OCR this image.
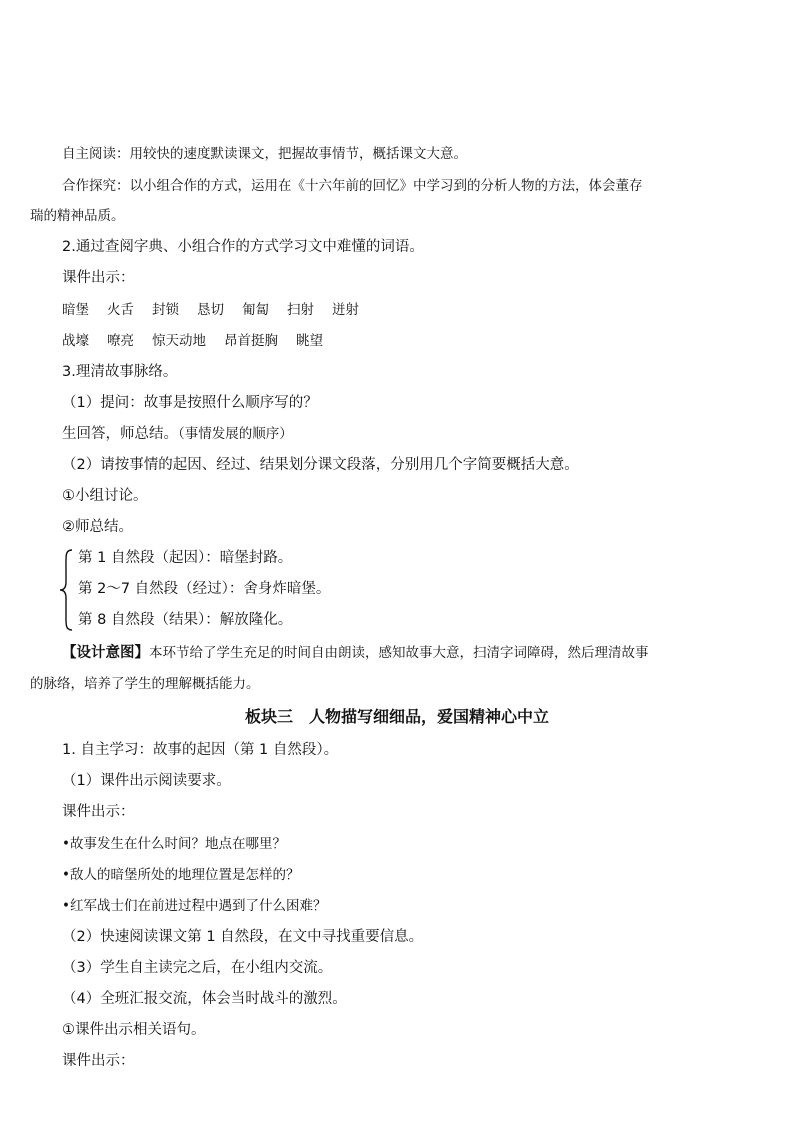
自主阅读：用较快的速度默读课文，把握故事情节，概括课文大意。
合作探究：以小组合作的方式，运用在《十六年前的回忆》中学习到的分析人物的方法，体会董存
瑞的精神品质。
2.通过查阅字典、小组合作的方式学习文中难懂的词语。
课件出示：
暗堡 火舌 封锁 恳切 匍匐 扫射 迸射
战壕 嘹亮 惊天动地 昂首挺胸 眺望
3.理清故事脉络。
（1）提问：故事是按照什么顺序写的？
生回答，师总结。（事情发展的顺序）
（2）请按事情的起因、经过、结果划分课文段落，分别用几个字简要概括大意。
①小组讨论。
②师总结。
第 1 自然段（起因）：暗堡封路。
第 2～7 自然段（经过）：舍身炸暗堡。
第 8 自然段（结果）：解放隆化。
【设计意图】本环节给了学生充足的时间自由朗读，感知故事大意，扫清字词障碍，然后理清故事
的脉络，培养了学生的理解概括能力。
板块三　人物描写细细品，爱国精神心中立
1. 自主学习：故事的起因（第 1 自然段）。
（1）课件出示阅读要求。
课件出示：
•故事发生在什么时间？地点在哪里？
•敌人的暗堡所处的地理位置是怎样的？
•红军战士们在前进过程中遇到了什么困难？
（2）快速阅读课文第 1 自然段，在文中寻找重要信息。
（3）学生自主读完之后，在小组内交流。
（4）全班汇报交流，体会当时战斗的激烈。
①课件出示相关语句。
课件出示：
